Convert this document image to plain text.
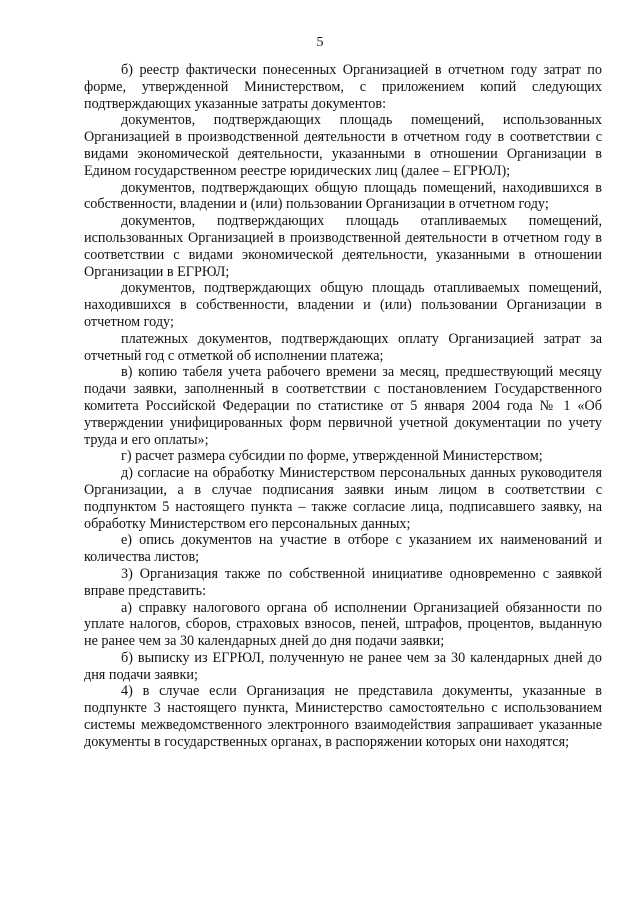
5

б) реестр фактически понесенных Организацией в отчетном году затрат по форме, утвержденной Министерством, с приложением копий следующих подтверждающих указанные затраты документов:

документов, подтверждающих площадь помещений, использованных Организацией в производственной деятельности в отчетном году в соответствии с видами экономической деятельности, указанными в отношении Организации в Едином государственном реестре юридических лиц (далее – ЕГРЮЛ);

документов, подтверждающих общую площадь помещений, находившихся в собственности, владении и (или) пользовании Организации в отчетном году;

документов, подтверждающих площадь отапливаемых помещений, использованных Организацией в производственной деятельности в отчетном году в соответствии с видами экономической деятельности, указанными в отношении Организации в ЕГРЮЛ;

документов, подтверждающих общую площадь отапливаемых помещений, находившихся в собственности, владении и (или) пользовании Организации в отчетном году;

платежных документов, подтверждающих оплату Организацией затрат за отчетный год с отметкой об исполнении платежа;

в) копию табеля учета рабочего времени за месяц, предшествующий месяцу подачи заявки, заполненный в соответствии с постановлением Государственного комитета Российской Федерации по статистике от 5 января 2004 года № 1 «Об утверждении унифицированных форм первичной учетной документации по учету труда и его оплаты»;

г) расчет размера субсидии по форме, утвержденной Министерством;

д) согласие на обработку Министерством персональных данных руководителя Организации, а в случае подписания заявки иным лицом в соответствии с подпунктом 5 настоящего пункта – также согласие лица, подписавшего заявку, на обработку Министерством его персональных данных;

е) опись документов на участие в отборе с указанием их наименований и количества листов;

3) Организация также по собственной инициативе одновременно с заявкой вправе представить:

а) справку налогового органа об исполнении Организацией обязанности по уплате налогов, сборов, страховых взносов, пеней, штрафов, процентов, выданную не ранее чем за 30 календарных дней до дня подачи заявки;

б) выписку из ЕГРЮЛ, полученную не ранее чем за 30 календарных дней до дня подачи заявки;

4) в случае если Организация не представила документы, указанные в подпункте 3 настоящего пункта, Министерство самостоятельно с использованием системы межведомственного электронного взаимодействия запрашивает указанные документы в государственных органах, в распоряжении которых они находятся;
